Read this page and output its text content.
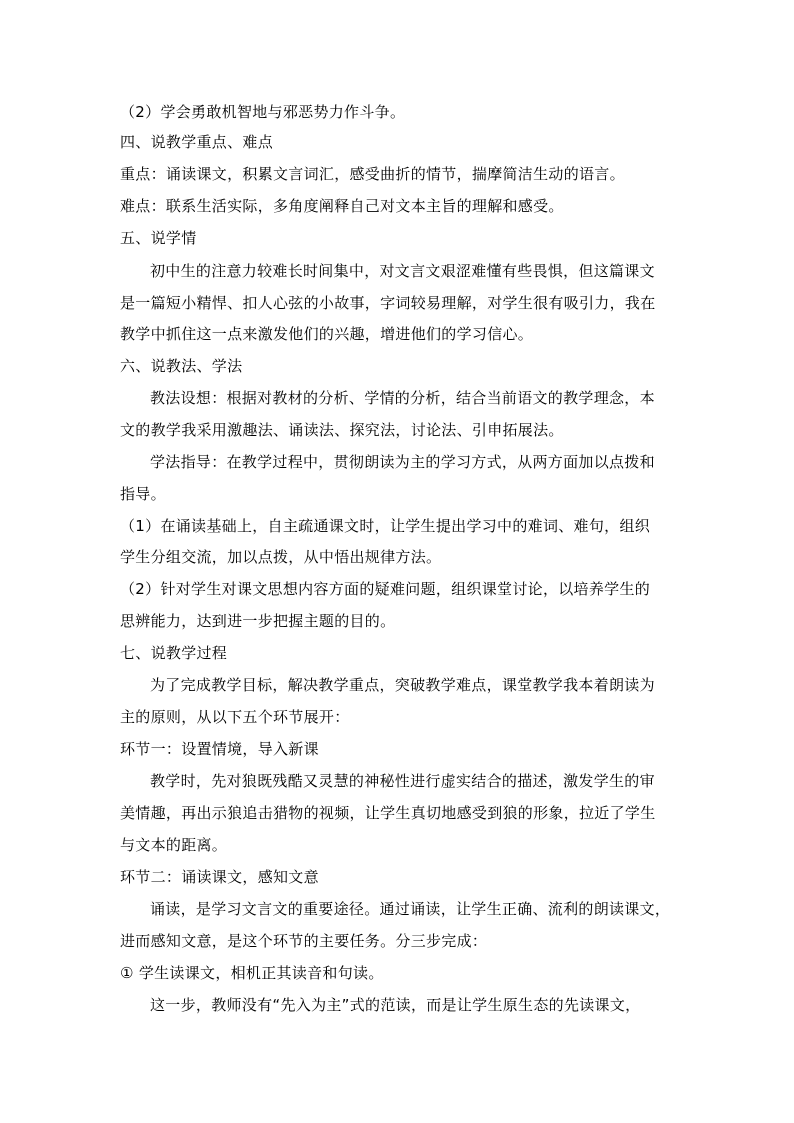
（2）学会勇敢机智地与邪恶势力作斗争。
四、说教学重点、难点
重点：诵读课文，积累文言词汇，感受曲折的情节，揣摩简洁生动的语言。
难点：联系生活实际，多角度阐释自己对文本主旨的理解和感受。
五、说学情
初中生的注意力较难长时间集中，对文言文艰涩难懂有些畏惧，但这篇课文
是一篇短小精悍、扣人心弦的小故事，字词较易理解，对学生很有吸引力，我在
教学中抓住这一点来激发他们的兴趣，增进他们的学习信心。
六、说教法、学法
教法设想：根据对教材的分析、学情的分析，结合当前语文的教学理念，本
文的教学我采用激趣法、诵读法、探究法，讨论法、引申拓展法。
学法指导：在教学过程中，贯彻朗读为主的学习方式，从两方面加以点拨和
指导。
（1）在诵读基础上，自主疏通课文时，让学生提出学习中的难词、难句，组织
学生分组交流，加以点拨，从中悟出规律方法。
（2）针对学生对课文思想内容方面的疑难问题，组织课堂讨论，以培养学生的
思辨能力，达到进一步把握主题的目的。
七、说教学过程
为了完成教学目标，解决教学重点，突破教学难点，课堂教学我本着朗读为
主的原则，从以下五个环节展开：
环节一：设置情境，导入新课
教学时，先对狼既残酷又灵慧的神秘性进行虚实结合的描述，激发学生的审
美情趣，再出示狼追击猎物的视频，让学生真切地感受到狼的形象，拉近了学生
与文本的距离。
环节二：诵读课文，感知文意
诵读，是学习文言文的重要途径。通过诵读，让学生正确、流利的朗读课文，
进而感知文意，是这个环节的主要任务。分三步完成：
① 学生读课文，相机正其读音和句读。
这一步，教师没有“先入为主”式的范读，而是让学生原生态的先读课文，
